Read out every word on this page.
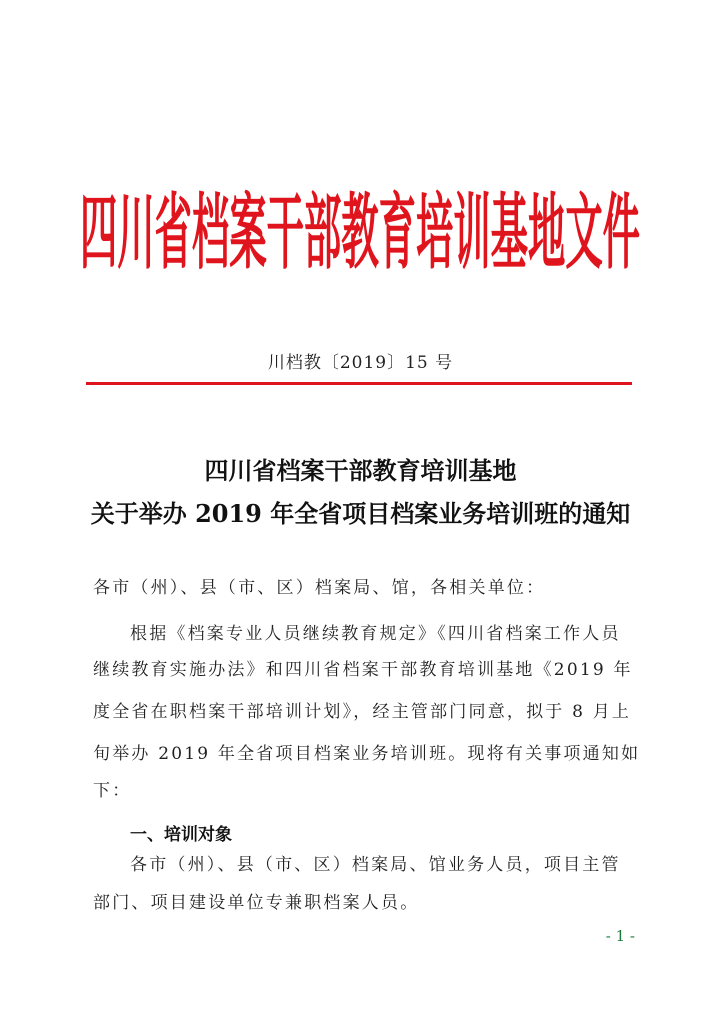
四川省档案干部教育培训基地文件
川档教〔2019〕15 号
四川省档案干部教育培训基地
关于举办 2019 年全省项目档案业务培训班的通知
各市（州）、县（市、区）档案局、馆，各相关单位：
根据《档案专业人员继续教育规定》《四川省档案工作人员
继续教育实施办法》和四川省档案干部教育培训基地《2019 年
度全省在职档案干部培训计划》，经主管部门同意，拟于 8 月上
旬举办 2019 年全省项目档案业务培训班。现将有关事项通知如
下：
一、培训对象
各市（州）、县（市、区）档案局、馆业务人员，项目主管
部门、项目建设单位专兼职档案人员。
- 1 -
